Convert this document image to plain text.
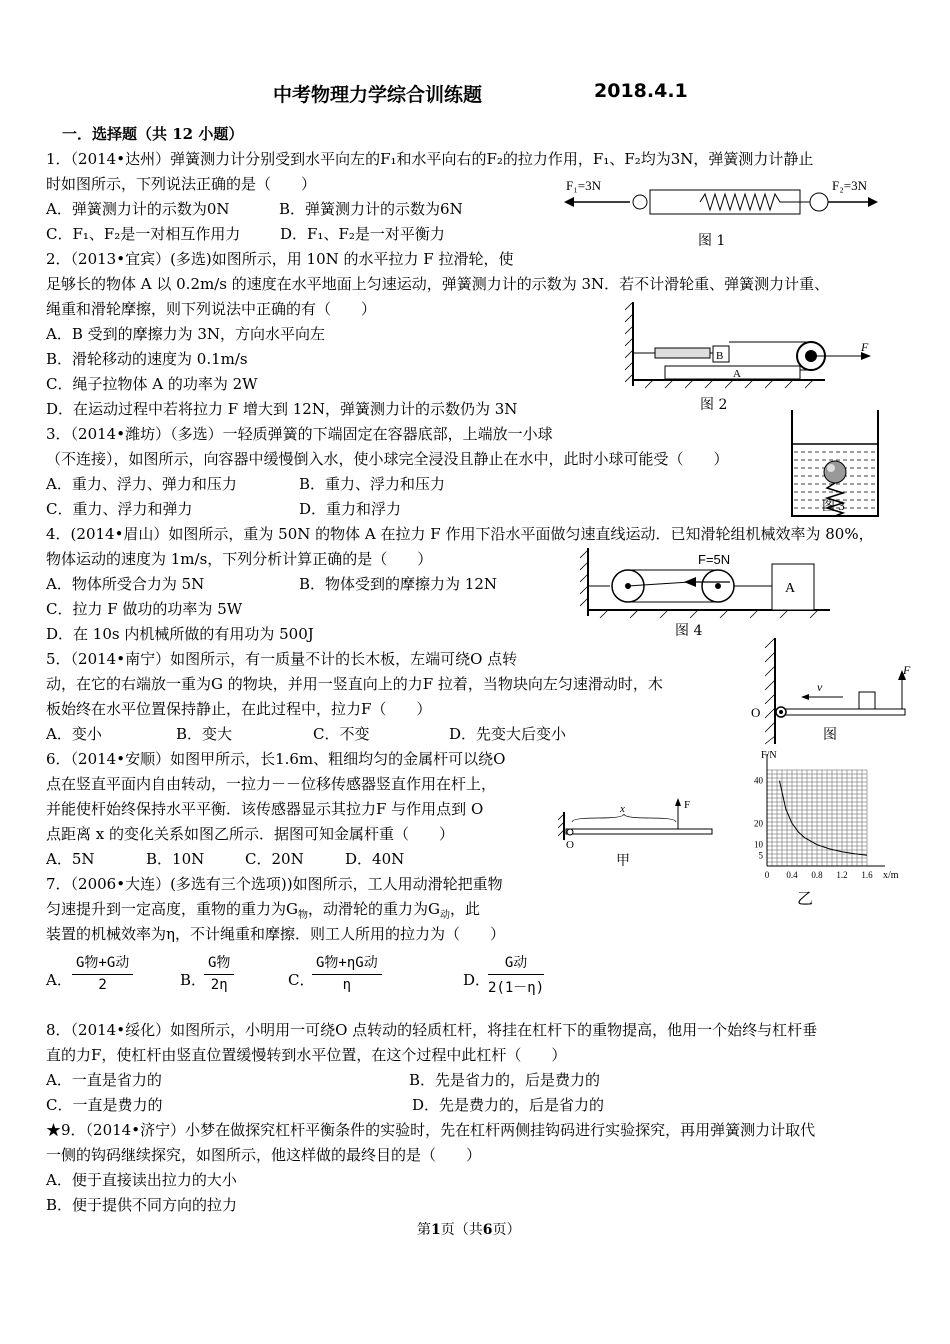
中考物理力学综合训练题	2018.4.1
一．选择题（共 12 小题）
1．（2014•达州）弹簧测力计分别受到水平向左的F₁和水平向右的F₂的拉力作用，F₁、F₂均为3N，弹簧测力计静止
时如图所示，下列说法正确的是（　　）
A．弹簧测力计的示数为0N	B．弹簧测力计的示数为6N
C．F₁、F₂是一对相互作用力	D．F₁、F₂是一对平衡力
F₁=3N	F₂=3N
图 1
2．（2013•宜宾）(多选)如图所示，用 10N 的水平拉力 F 拉滑轮，使
足够长的物体 A 以 0.2m/s 的速度在水平地面上匀速运动，弹簧测力计的示数为 3N．若不计滑轮重、弹簧测力计重、
绳重和滑轮摩擦，则下列说法中正确的有（　　）
A．B 受到的摩擦力为 3N，方向水平向左
B．滑轮移动的速度为 0.1m/s
C．绳子拉物体 A 的功率为 2W
D．在运动过程中若将拉力 F 增大到 12N，弹簧测力计的示数仍为 3N
A
B
F
图 2
3．（2014•潍坊）（多选）一轻质弹簧的下端固定在容器底部，上端放一小球
（不连接），如图所示，向容器中缓慢倒入水，使小球完全浸没且静止在水中，此时小球可能受（　　）
A．重力、浮力、弹力和压力	B．重力、浮力和压力
C．重力、浮力和弹力	D．重力和浮力	图 3
4．(2014•眉山）如图所示，重为 50N 的物体 A 在拉力 F 作用下沿水平面做匀速直线运动．已知滑轮组机械效率为 80%，
物体运动的速度为 1m/s，下列分析计算正确的是（　　）
A．物体所受合力为 5N	B．物体受到的摩擦力为 12N
C．拉力 F 做功的功率为 5W
D．在 10s 内机械所做的有用功为 500J
A
F=5N
图 4
5．（2014•南宁）如图所示，有一质量不计的长木板，左端可绕O 点转
动，在它的右端放一重为G 的物块，并用一竖直向上的力F 拉着，当物块向左匀速滑动时，木
板始终在水平位置保持静止，在此过程中，拉力F（　　）
A．变小	B．变大	C．不变	D．先变大后变小
O
F
v
图
6．（2014•安顺）如图甲所示，长1.6m、粗细均匀的金属杆可以绕O
点在竖直平面内自由转动，一拉力－－位移传感器竖直作用在杆上，
并能使杆始终保持水平平衡．该传感器显示其拉力F 与作用点到 O
点距离 x 的变化关系如图乙所示．据图可知金属杆重（　　）
A．5N	B．10N	C．20N	D．40N
O
x	F
甲
0 0.4 0.8 1.2 1.6
5
10
20
40
F/N
x/m
乙
7．（2006•大连）(多选有三个选项))如图所示，工人用动滑轮把重物
匀速提升到一定高度，重物的重力为$G_物$，动滑轮的重力为$G_动$，此
装置的机械效率为η，不计绳重和摩擦．则工人所用的拉力为（　　）
A．
G物+G动
2	B．
G物
2η	C．
G物+ηG动
η	D．
G动
2(1－η)
8．（2014•绥化）如图所示，小明用一可绕O 点转动的轻质杠杆，将挂在杠杆下的重物提高，他用一个始终与杠杆垂
直的力F，使杠杆由竖直位置缓慢转到水平位置，在这个过程中此杠杆（　　）
A．一直是省力的	B．先是省力的，后是费力的
C．一直是费力的	D．先是费力的，后是省力的
★9．（2014•济宁）小梦在做探究杠杆平衡条件的实验时，先在杠杆两侧挂钩码进行实验探究，再用弹簧测力计取代
一侧的钩码继续探究，如图所示，他这样做的最终目的是（　　）
A．便于直接读出拉力的大小
B．便于提供不同方向的拉力
第1页（共6页）
